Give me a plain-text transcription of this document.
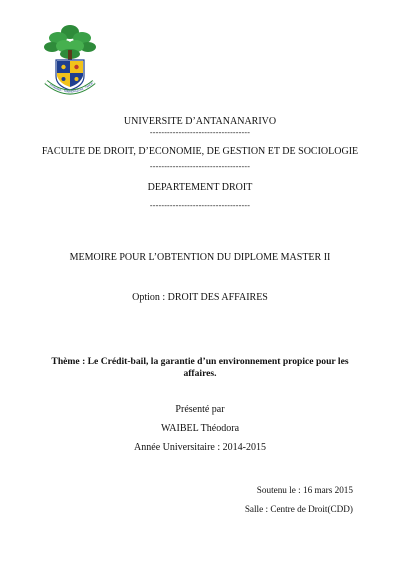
FITIAVANA · TANINDRAZANA · FANDR
UNIVERSITE D’ANTANANARIVO
-----------------------------------
FACULTE DE DROIT, D’ECONOMIE, DE GESTION ET DE SOCIOLOGIE
-----------------------------------
DEPARTEMENT DROIT
-----------------------------------
MEMOIRE POUR L’OBTENTION DU DIPLOME MASTER II
Option : DROIT DES AFFAIRES
Thème : Le Crédit-bail, la garantie d’un environnement propice pour les affaires.
Présenté par
WAIBEL Théodora
Année Universitaire : 2014-2015
Soutenu le : 16 mars 2015
Salle : Centre de Droit(CDD)
